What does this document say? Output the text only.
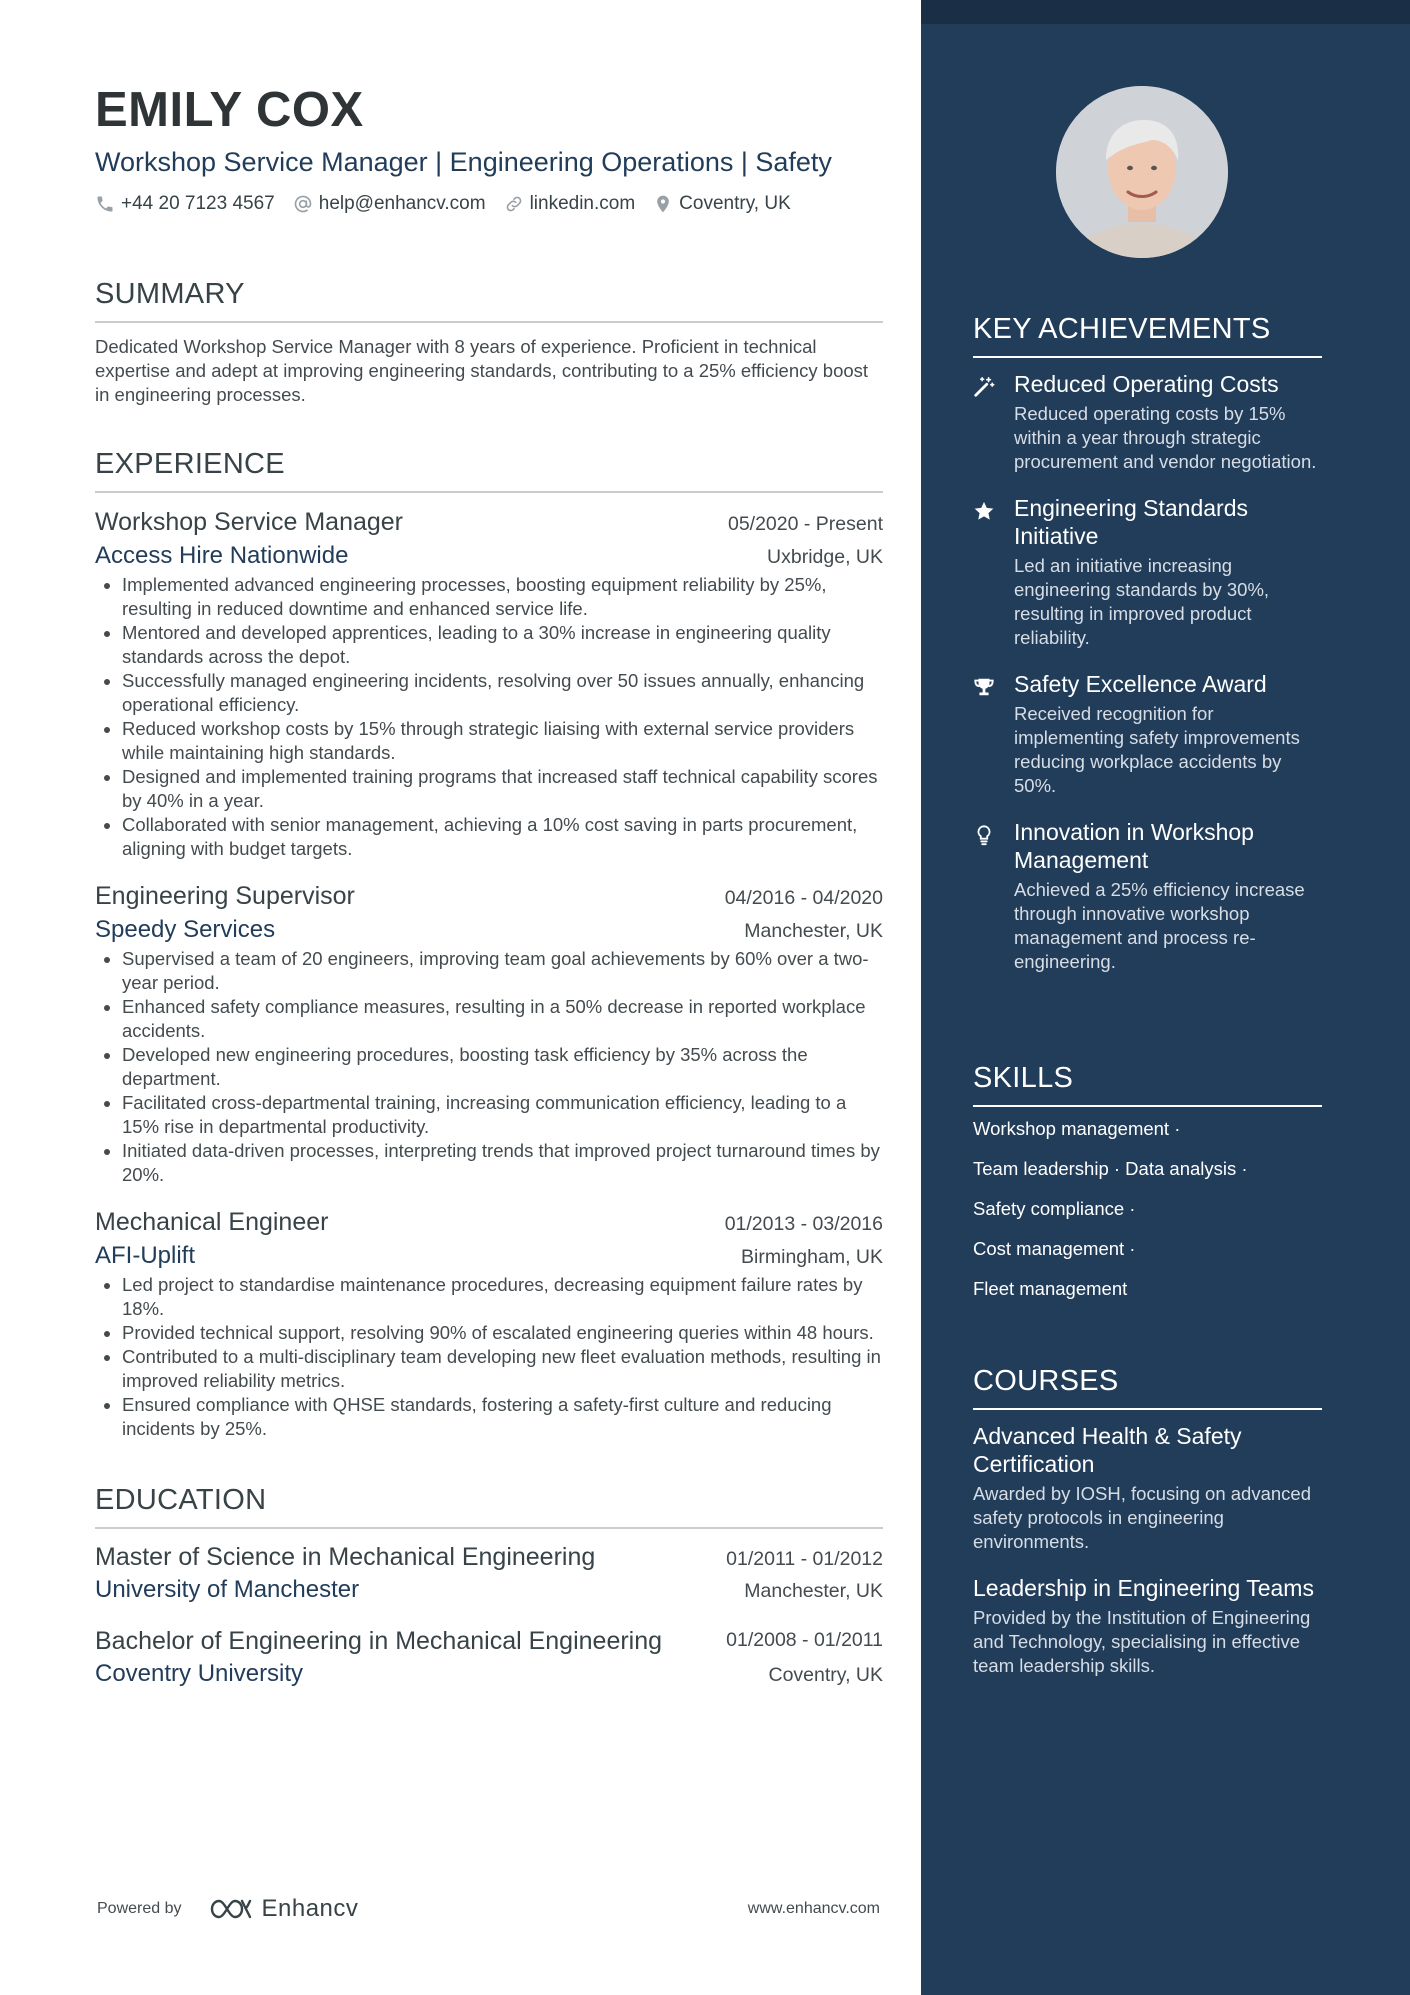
EMILY COX
Workshop Service Manager | Engineering Operations | Safety
+44 20 7123 4567 help@enhancv.com linkedin.com Coventry, UK
SUMMARY
Dedicated Workshop Service Manager with 8 years of experience. Proficient in technical expertise and adept at improving engineering standards, contributing to a 25% efficiency boost in engineering processes.
EXPERIENCE
Workshop Service Manager	05/2020 - Present
Access Hire Nationwide	Uxbridge, UK
• Implemented advanced engineering processes, boosting equipment reliability by 25%, resulting in reduced downtime and enhanced service life.
• Mentored and developed apprentices, leading to a 30% increase in engineering quality standards across the depot.
• Successfully managed engineering incidents, resolving over 50 issues annually, enhancing operational efficiency.
• Reduced workshop costs by 15% through strategic liaising with external service providers while maintaining high standards.
• Designed and implemented training programs that increased staff technical capability scores by 40% in a year.
• Collaborated with senior management, achieving a 10% cost saving in parts procurement, aligning with budget targets.
Engineering Supervisor	04/2016 - 04/2020
Speedy Services	Manchester, UK
• Supervised a team of 20 engineers, improving team goal achievements by 60% over a two-year period.
• Enhanced safety compliance measures, resulting in a 50% decrease in reported workplace accidents.
• Developed new engineering procedures, boosting task efficiency by 35% across the department.
• Facilitated cross-departmental training, increasing communication efficiency, leading to a 15% rise in departmental productivity.
• Initiated data-driven processes, interpreting trends that improved project turnaround times by 20%.
Mechanical Engineer	01/2013 - 03/2016
AFI-Uplift	Birmingham, UK
• Led project to standardise maintenance procedures, decreasing equipment failure rates by 18%.
• Provided technical support, resolving 90% of escalated engineering queries within 48 hours.
• Contributed to a multi-disciplinary team developing new fleet evaluation methods, resulting in improved reliability metrics.
• Ensured compliance with QHSE standards, fostering a safety-first culture and reducing incidents by 25%.
EDUCATION
Master of Science in Mechanical Engineering	01/2011 - 01/2012
University of Manchester	Manchester, UK
Bachelor of Engineering in Mechanical Engineering	01/2008 - 01/2011
Coventry University	Coventry, UK
Powered by	Enhancv	www.enhancv.com
KEY ACHIEVEMENTS
Reduced Operating Costs
Reduced operating costs by 15% within a year through strategic procurement and vendor negotiation.
Engineering Standards Initiative
Led an initiative increasing engineering standards by 30%, resulting in improved product reliability.
Safety Excellence Award
Received recognition for implementing safety improvements reducing workplace accidents by 50%.
Innovation in Workshop Management
Achieved a 25% efficiency increase through innovative workshop management and process re-engineering.
SKILLS
Workshop management ·
Team leadership · Data analysis ·
Safety compliance ·
Cost management ·
Fleet management
COURSES
Advanced Health & Safety Certification
Awarded by IOSH, focusing on advanced safety protocols in engineering environments.
Leadership in Engineering Teams
Provided by the Institution of Engineering and Technology, specialising in effective team leadership skills.
